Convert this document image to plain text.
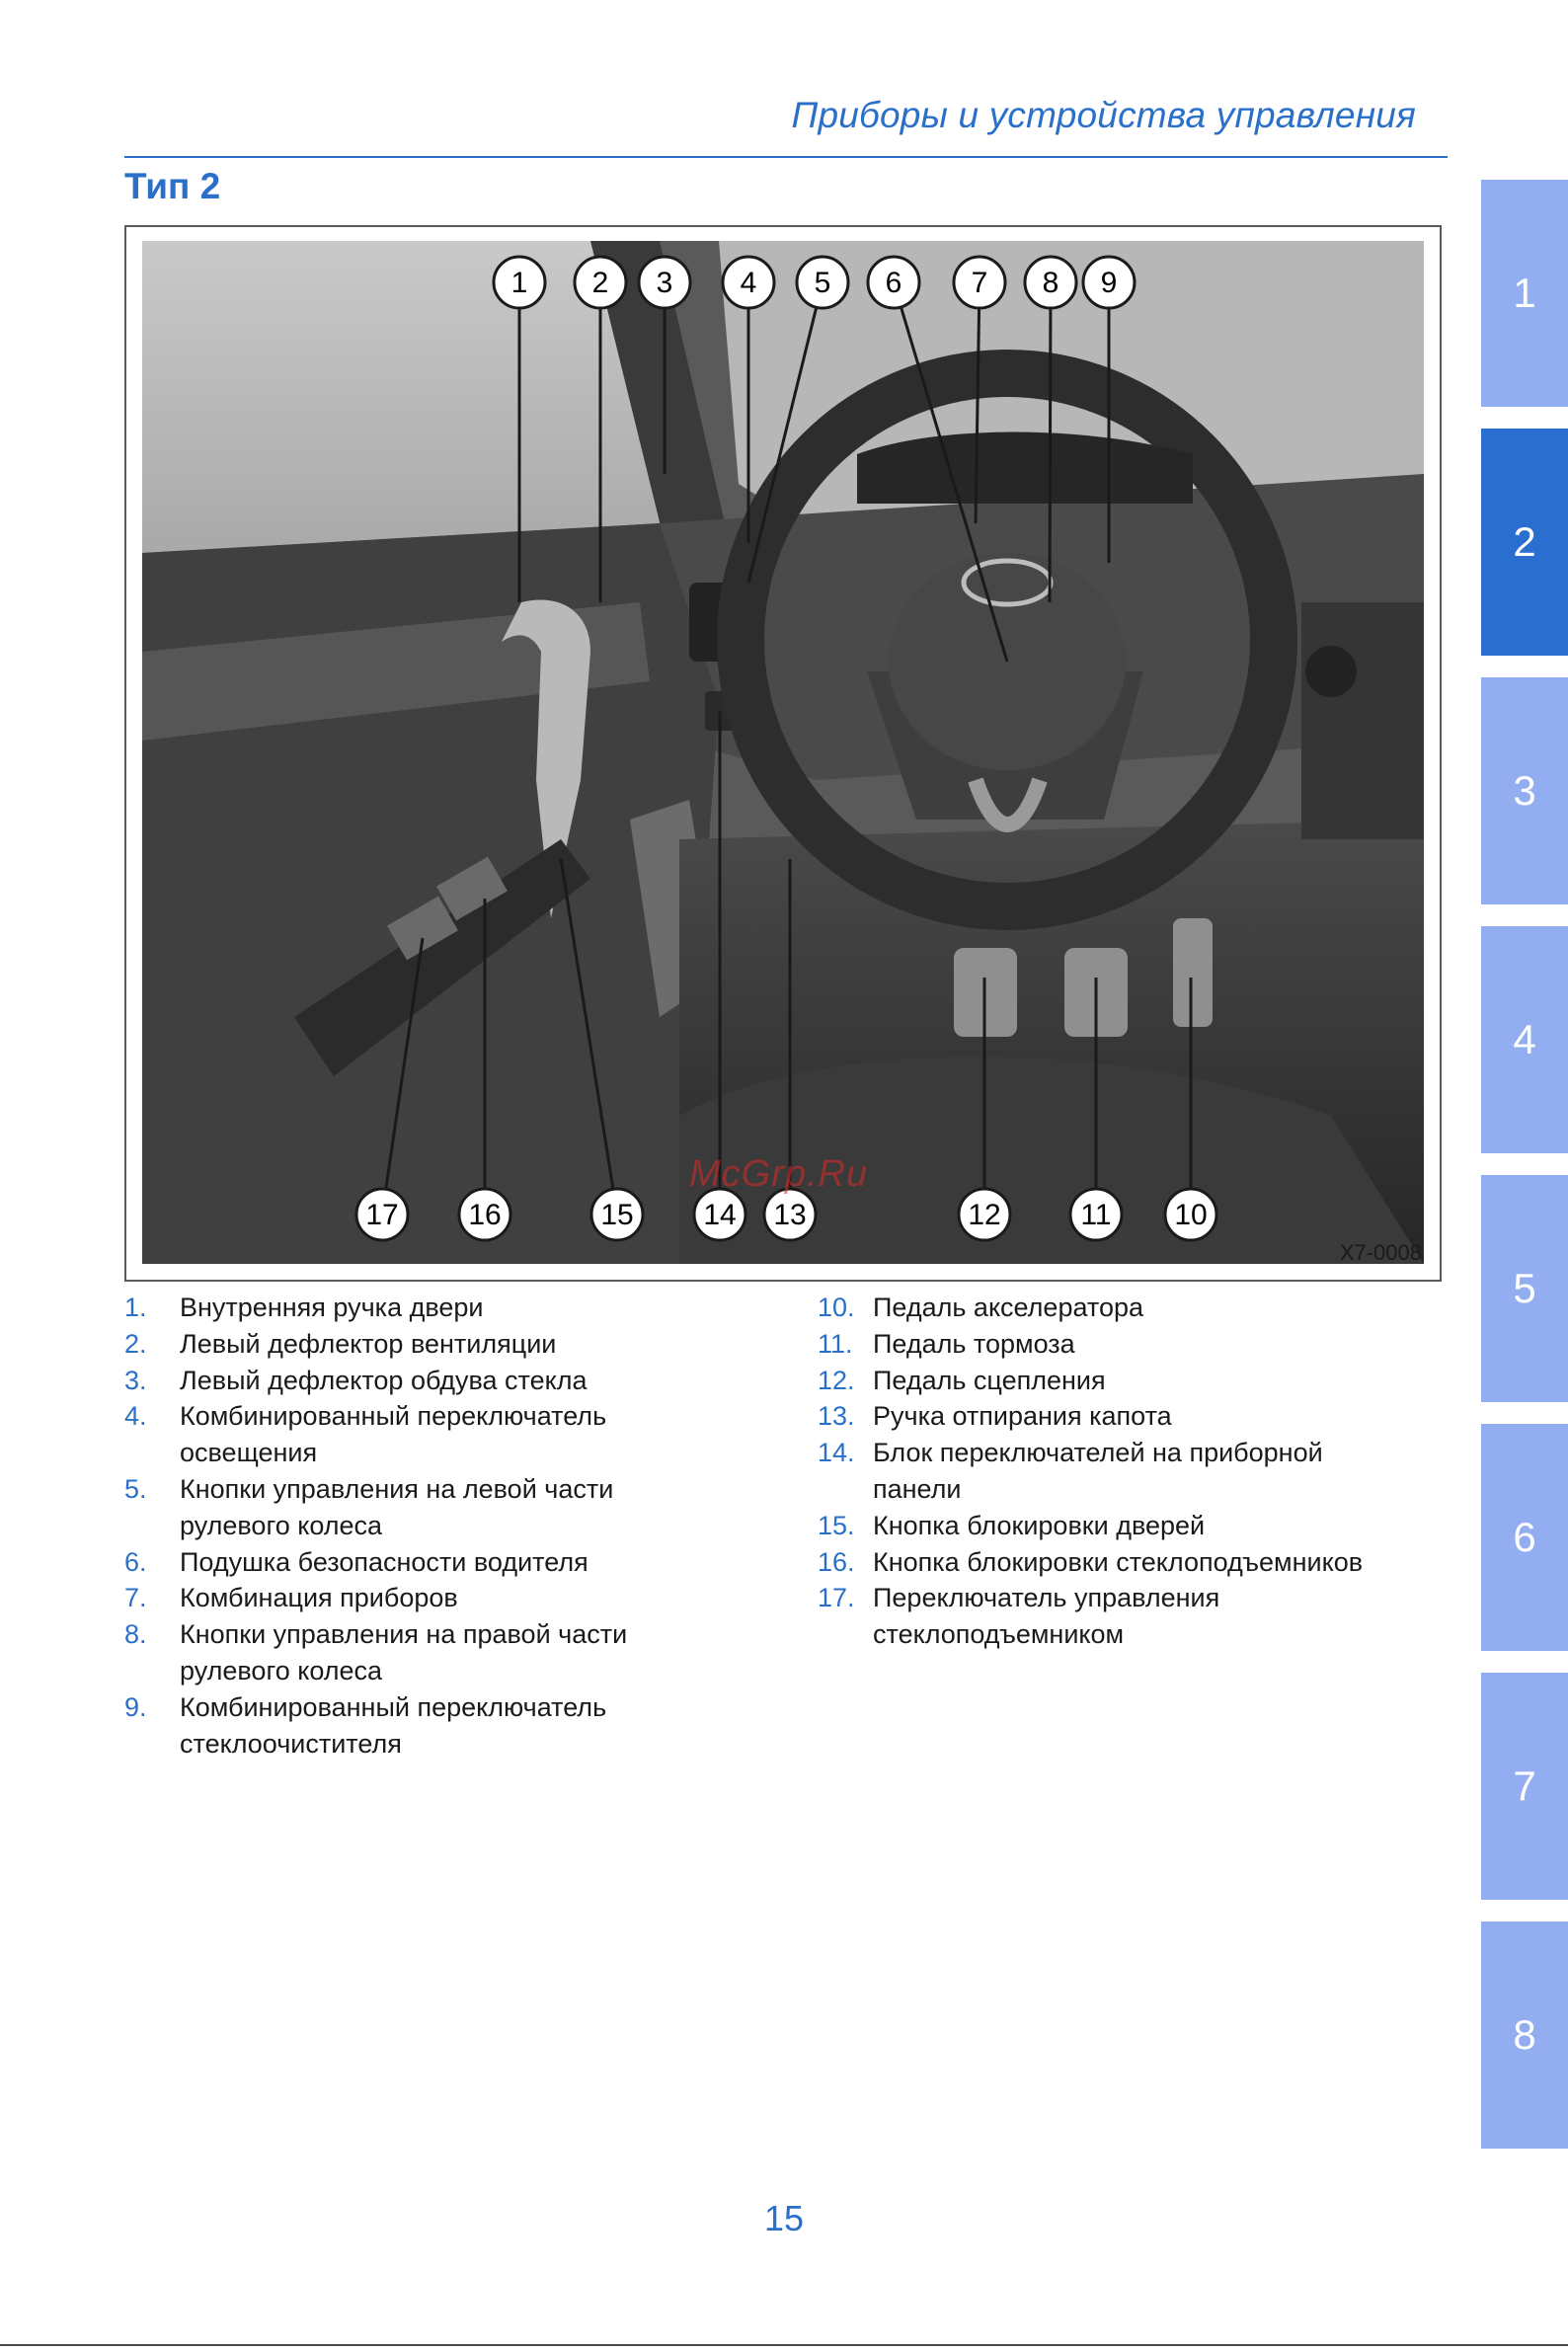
Приборы и устройства управления
Тип 2
1 2 3 4 5 6 7 8 9
10
11
12
13
14
15
16
17
X7-0008
McGrp.Ru
1.	Внутренняя ручка двери
2.	Левый дефлектор вентиляции
3.	Левый дефлектор обдува стекла
4.	Комбинированный переключатель
освещения
5.	Кнопки управления на левой части
рулевого колеса
6.	Подушка безопасности водителя
7.	Комбинация приборов
8.	Кнопки управления на правой части
рулевого колеса
9.	Комбинированный переключатель
стеклоочистителя
10. Педаль акселератора
11. Педаль тормоза
12. Педаль сцепления
13. Ручка отпирания капота
14. Блок переключателей на приборной
панели
15. Кнопка блокировки дверей
16. Кнопка блокировки стеклоподъемников
17. Переключатель управления
стеклоподъемником
1
2
3
4
5
6
7
8
15
